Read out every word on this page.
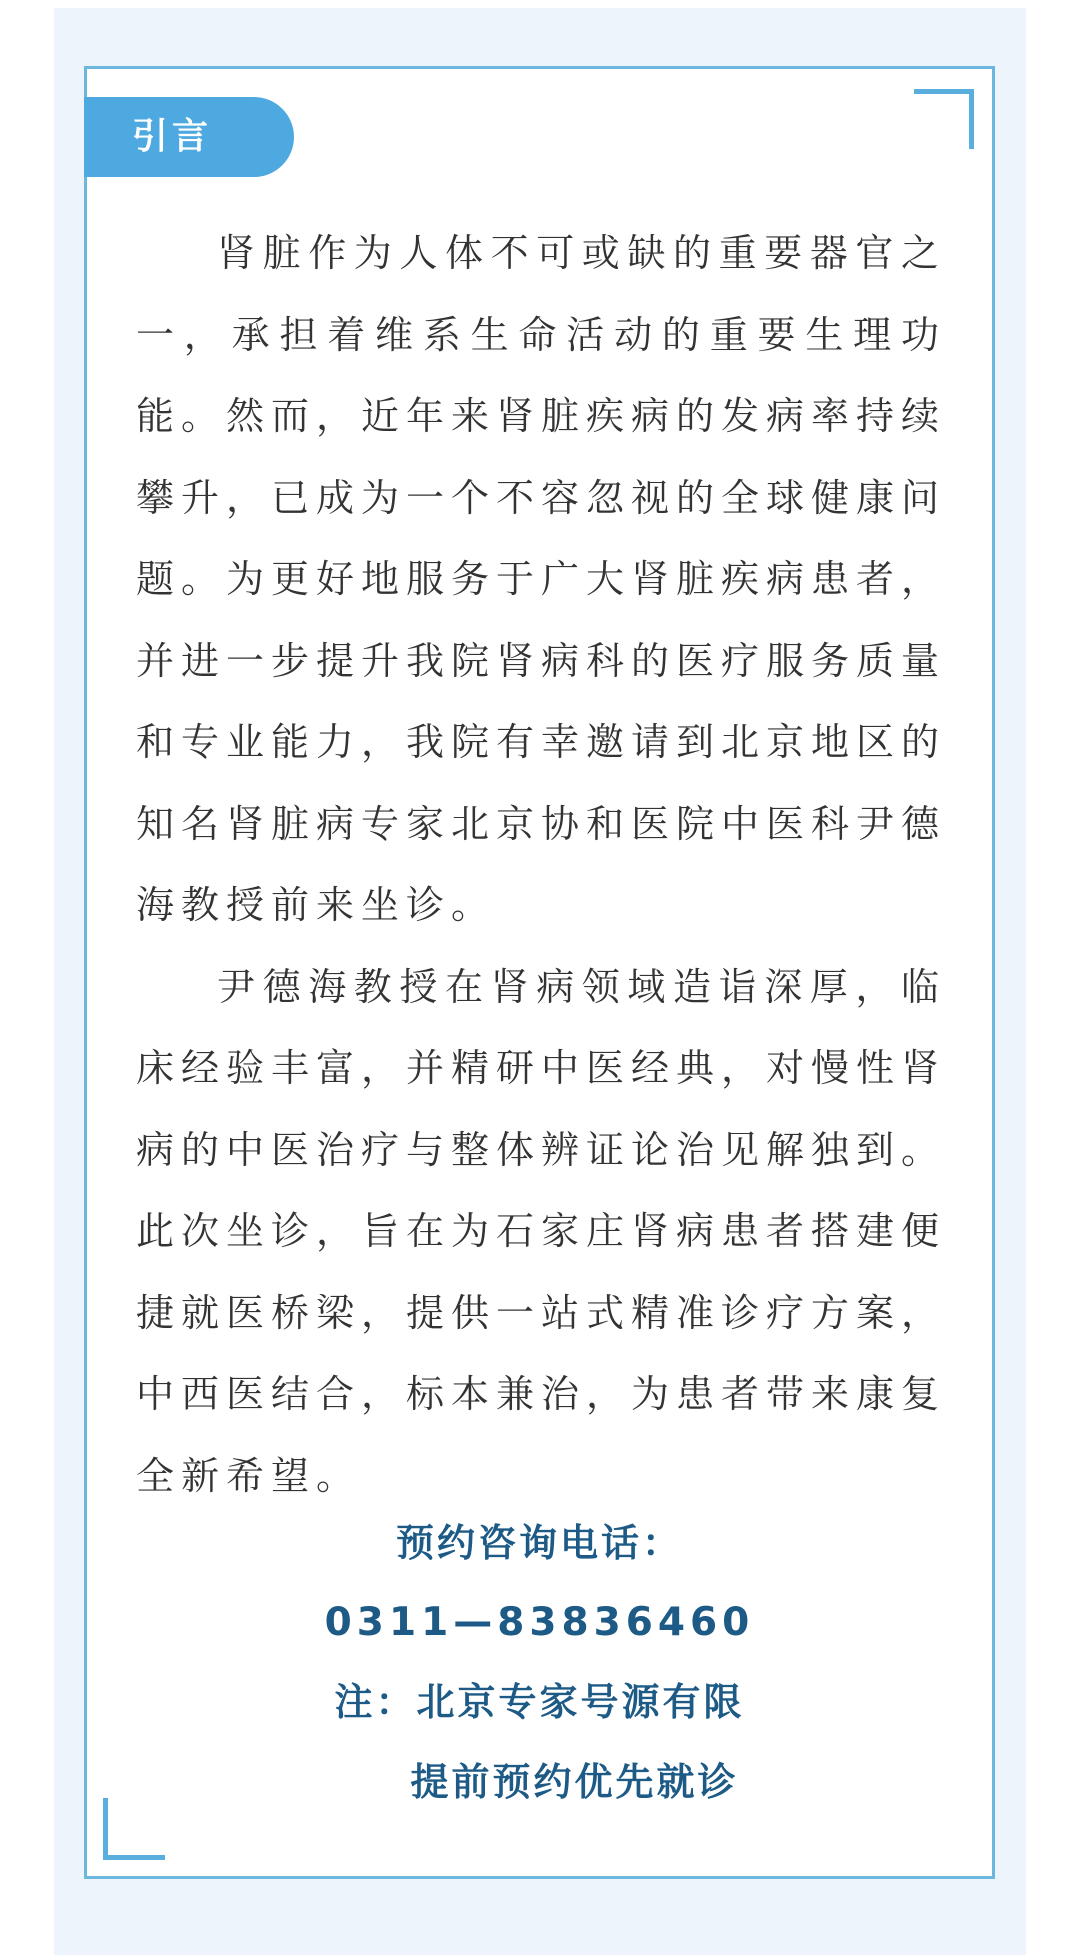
引言

肾脏作为人体不可或缺的重要器官之一，承担着维系生命活动的重要生理功能。然而，近年来肾脏疾病的发病率持续攀升，已成为一个不容忽视的全球健康问题。为更好地服务于广大肾脏疾病患者，并进一步提升我院肾病科的医疗服务质量和专业能力，我院有幸邀请到北京地区的知名肾脏病专家北京协和医院中医科尹德海教授前来坐诊。

尹德海教授在肾病领域造诣深厚，临床经验丰富，并精研中医经典，对慢性肾病的中医治疗与整体辨证论治见解独到。此次坐诊，旨在为石家庄肾病患者搭建便捷就医桥梁，提供一站式精准诊疗方案，中西医结合，标本兼治，为患者带来康复全新希望。

预约咨询电话：

0311—83836460

注：北京专家号源有限

提前预约优先就诊
